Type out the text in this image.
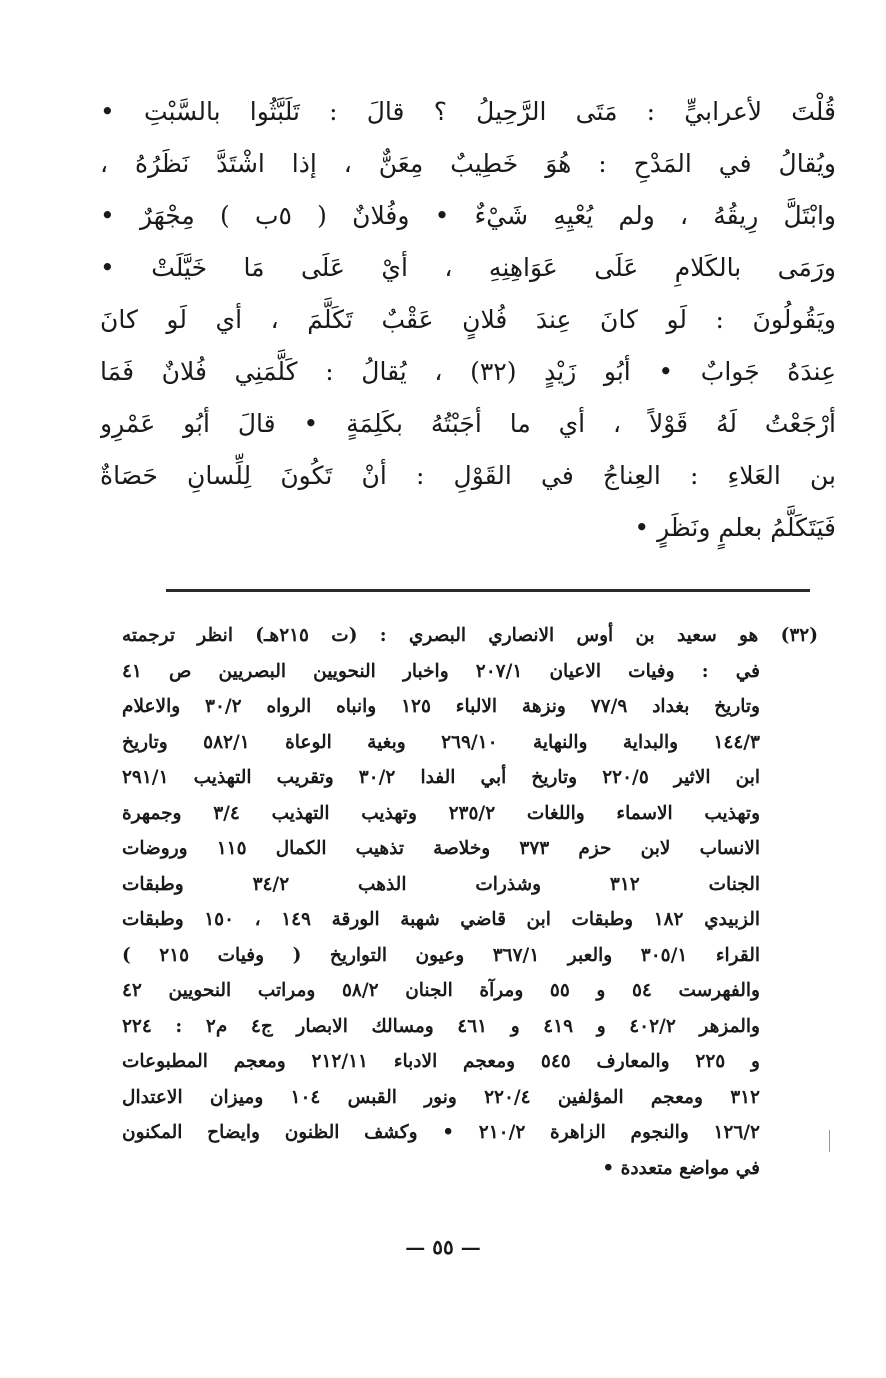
قُلْتَ لأعرابيٍّ : مَتَى الرَّحِيلُ ؟ قالَ : تَلَبَّثُوا بالسَّبْتِ •
ويُقالُ في المَدْحِ : هُوَ خَطِيبٌ مِعَنٌّ ، إذا اشْتَدَّ نَظَرُهُ ،
وابْتَلَّ رِيقُهُ ، ولم يُعْيِهِ شَيْءٌ • وفُلانٌ ( ٥ب ) مِجْهَرٌ •
ورَمَى بالكَلامِ عَلَى عَوَاهِنِهِ ، أيْ عَلَى مَا خَيَّلَتْ •
ويَقُولُونَ : لَو كانَ عِندَ فُلانٍ عَقْبٌ تَكَلَّمَ ، أي لَو كانَ
عِندَهُ جَوابٌ • أبُو زَيْدٍ (٣٢) ، يُقالُ : كَلَّمَنِي فُلانٌ فَمَا
أرْجَعْتُ لَهُ قَوْلاً ، أي ما أجَبْتُهُ بكَلِمَةٍ • قالَ أبُو عَمْرِو
بن العَلاءِ : العِناجُ في القَوْلِ : أنْ تَكُونَ لِلِّسانِ حَصَاةٌ
فَيَتَكَلَّمُ بعلمٍ ونَظَرٍ •
(٣٢) هو سعيد بن أوس الانصاري البصري : (ت ٢١٥هـ) انظر ترجمته
في : وفيات الاعيان ٢٠٧/١ واخبار النحويين البصريين ص ٤١
وتاريخ بغداد ٧٧/٩ ونزهة الالباء ١٢٥ وانباه الرواه ٣٠/٢ والاعلام
١٤٤/٣ والبداية والنهاية ٢٦٩/١٠ وبغية الوعاة ٥٨٢/١ وتاريخ
ابن الاثير ٢٢٠/٥ وتاريخ أبي الفدا ٣٠/٢ وتقريب التهذيب ٢٩١/١
وتهذيب الاسماء واللغات ٢٣٥/٢ وتهذيب التهذيب ٣/٤ وجمهرة
الانساب لابن حزم ٣٧٣ وخلاصة تذهيب الكمال ١١٥ وروضات
الجنات ٣١٢ وشذرات الذهب ٣٤/٢ وطبقات
الزبيدي ١٨٢ وطبقات ابن قاضي شهبة الورقة ١٤٩ ، ١٥٠ وطبقات
القراء ٣٠٥/١ والعبر ٣٦٧/١ وعيون التواريخ ( وفيات ٢١٥ )
والفهرست ٥٤ و ٥٥ ومرآة الجنان ٥٨/٢ ومراتب النحويين ٤٢
والمزهر ٤٠٢/٢ و ٤١٩ و ٤٦١ ومسالك الابصار ج٤ م٢ : ٢٢٤
و ٢٢٥ والمعارف ٥٤٥ ومعجم الادباء ٢١٢/١١ ومعجم المطبوعات
٣١٢ ومعجم المؤلفين ٢٢٠/٤ ونور القبس ١٠٤ وميزان الاعتدال
١٢٦/٢ والنجوم الزاهرة ٢١٠/٢ • وكشف الظنون وايضاح المكنون
في مواضع متعددة •
— ٥٥ —
